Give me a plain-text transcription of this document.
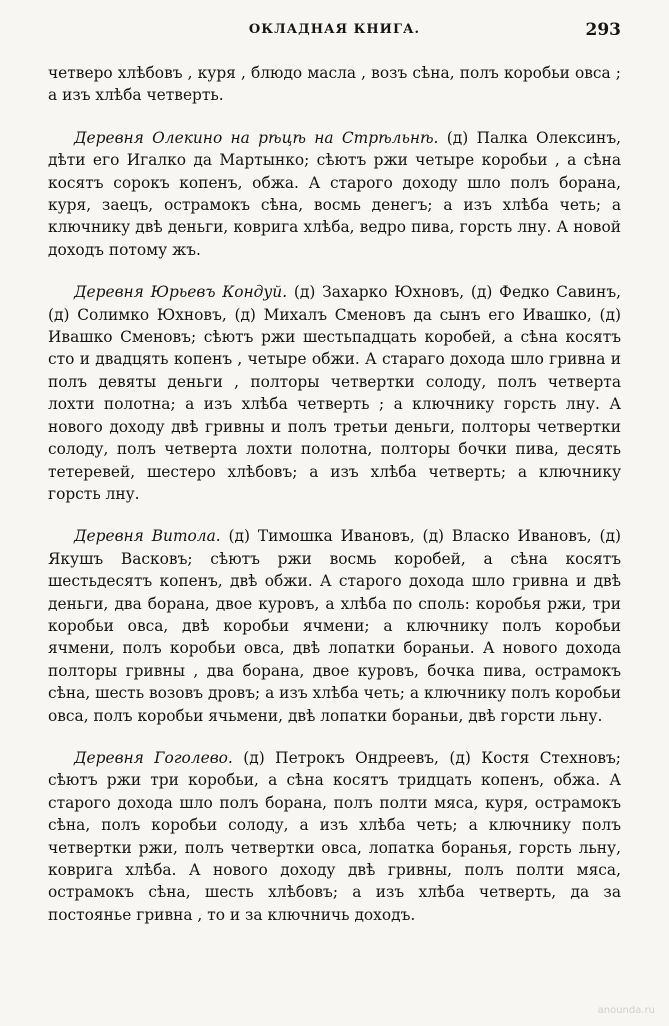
ОКЛАДНАЯ КНИГА.	293

четверо хлѣбовъ , куря , блюдо масла , возъ сѣна, полъ коробьи овса ; а изъ хлѣба четверть.

Деревня Олекино на рѣцѣ на Стрѣльнѣ. (д) Палка Олексинъ, дѣти его Игалко да Мартынко; сѣютъ ржи четыре коробьи , а сѣна косятъ сорокъ копенъ, обжа. А старого доходу шло полъ борана, куря, заецъ, острамокъ сѣна, восмь денегъ; а изъ хлѣба четь; а ключнику двѣ деньги, коврига хлѣба, ведро пива, горсть лну. А новой доходъ потому жъ.

Деревня Юрьевъ Кондуй. (д) Захарко Юхновъ, (д) Федко Савинъ, (д) Солимко Юхновъ, (д) Михалъ Сменовъ да сынъ его Ивашко, (д) Ивашко Сменовъ; сѣютъ ржи шестьпадцать коробей, а сѣна косятъ сто и двадцять копенъ , четыре обжи. А стараго дохода шло гривна и полъ девяты деньги , полторы четвертки солоду, полъ четверта лохти полотна; а изъ хлѣба четверть ; а ключнику горсть лну. А нового доходу двѣ гривны и полъ третьи деньги, полторы четвертки солоду, полъ четверта лохти полотна, полторы бочки пива, десять тетеревей, шестеро хлѣбовъ; а изъ хлѣба четверть; а ключнику горсть лну.

Деревня Витола. (д) Тимошка Ивановъ, (д) Власко Ивановъ, (д) Якушъ Васковъ; сѣютъ ржи восмь коробей, а сѣна косятъ шестьдесятъ копенъ, двѣ обжи. А старого дохода шло гривна и двѣ деньги, два борана, двое куровъ, а хлѣба по споль: коробья ржи, три коробьи овса, двѣ коробьи ячмени; а ключнику полъ коробьи ячмени, полъ коробьи овса, двѣ лопатки бораньи. А нового дохода полторы гривны , два борана, двое куровъ, бочка пива, острамокъ сѣна, шесть возовъ дровъ; а изъ хлѣба четь; а ключнику полъ коробьи овса, полъ коробьи ячьмени, двѣ лопатки бораньи, двѣ горсти льну.

Деревня Гоголево. (д) Петрокъ Ондреевъ, (д) Костя Стехновъ; сѣютъ ржи три коробьи, а сѣна косятъ тридцать копенъ, обжа. А старого дохода шло полъ борана, полъ полти мяса, куря, острамокъ сѣна, полъ коробьи солоду, а изъ хлѣба четь; а ключнику полъ четвертки ржи, полъ четвертки овса, лопатка боранья, горсть льну, коврига хлѣба. А нового доходу двѣ гривны, полъ полти мяса, острамокъ сѣна, шесть хлѣбовъ; а изъ хлѣба четверть, да за постоянье гривна , то и за ключничь доходъ.

anounda.ru
